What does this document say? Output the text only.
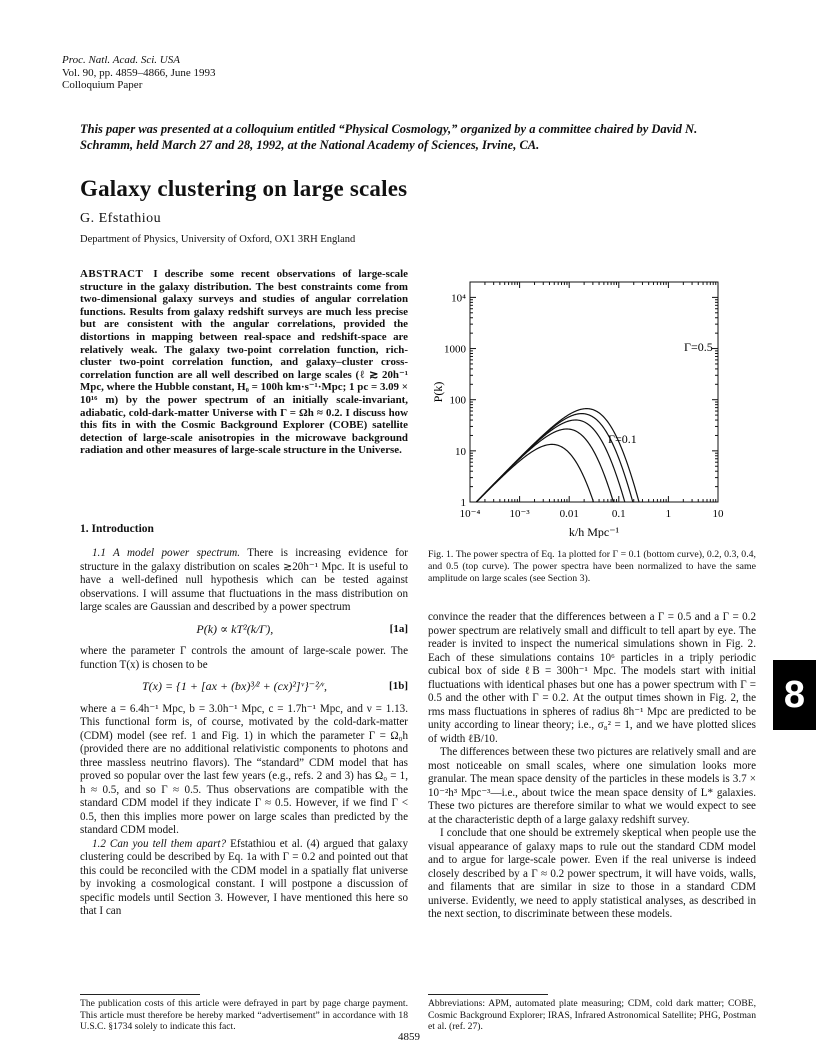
Proc. Natl. Acad. Sci. USA
Vol. 90, pp. 4859–4866, June 1993
Colloquium Paper
This paper was presented at a colloquium entitled “Physical Cosmology,” organized by a committee chaired by David N. Schramm, held March 27 and 28, 1992, at the National Academy of Sciences, Irvine, CA.
Galaxy clustering on large scales
G. Efstathiou
Department of Physics, University of Oxford, OX1 3RH England
ABSTRACT I describe some recent observations of large-scale structure in the galaxy distribution. The best constraints come from two-dimensional galaxy surveys and studies of angular correlation functions. Results from galaxy redshift surveys are much less precise but are consistent with the angular correlations, provided the distortions in mapping between real-space and redshift-space are relatively weak. The galaxy two-point correlation function, rich-cluster two-point correlation function, and galaxy–cluster cross-correlation function are all well described on large scales (ℓ ≳ 20h⁻¹ Mpc, where the Hubble constant, H₀ = 100h km·s⁻¹·Mpc; 1 pc = 3.09 × 10¹⁶ m) by the power spectrum of an initially scale-invariant, adiabatic, cold-dark-matter Universe with Γ = Ωh ≈ 0.2. I discuss how this fits in with the Cosmic Background Explorer (COBE) satellite detection of large-scale anisotropies in the microwave background radiation and other measures of large-scale structure in the Universe.
1. Introduction

1.1 A model power spectrum. There is increasing evidence for structure in the galaxy distribution on scales ≳20h⁻¹ Mpc. It is useful to have a well-defined null hypothesis which can be tested against observations. I will assume that fluctuations in the mass distribution on large scales are Gaussian and described by a power spectrum

P(k) ∝ kT²(k/Γ),	[1a]

where the parameter Γ controls the amount of large-scale power. The function T(x) is chosen to be

T(x) = {1 + [ax + (bx)³⁄² + (cx)²]ᵛ}⁻²⁄ᵛ,	[1b]

where a = 6.4h⁻¹ Mpc, b = 3.0h⁻¹ Mpc, c = 1.7h⁻¹ Mpc, and ν = 1.13. This functional form is, of course, motivated by the cold-dark-matter (CDM) model (see ref. 1 and Fig. 1) in which the parameter Γ = Ω₀h (provided there are no additional relativistic components to photons and three massless neutrino flavors). The “standard” CDM model that has proved so popular over the last few years (e.g., refs. 2 and 3) has Ω₀ = 1, h ≈ 0.5, and so Γ ≈ 0.5. Thus observations are compatible with the standard CDM model if they indicate Γ ≈ 0.5. However, if we find Γ < 0.5, then this implies more power on large scales than predicted by the standard CDM model.

1.2 Can you tell them apart? Efstathiou et al. (4) argued that galaxy clustering could be described by Eq. 1a with Γ = 0.2 and pointed out that this could be reconciled with the CDM model in a spatially flat universe by invoking a cosmological constant. I will postpone a discussion of specific models until Section 3. However, I have mentioned this here so that I can

10⁻⁴	10⁻³	0.01	0.1	1	10
1
10
100
1000
10⁴
k/h Mpc⁻¹
P(k)
Γ=0.5
Γ=0.1
Fig. 1. The power spectra of Eq. 1a plotted for Γ = 0.1 (bottom curve), 0.2, 0.3, 0.4, and 0.5 (top curve). The power spectra have been normalized to have the same amplitude on large scales (see Section 3).

convince the reader that the differences between a Γ = 0.5 and a Γ = 0.2 power spectrum are relatively small and difficult to tell apart by eye. The reader is invited to inspect the numerical simulations shown in Fig. 2. Each of these simulations contains 10⁶ particles in a triply periodic cubical box of side ℓB = 300h⁻¹ Mpc. The models start with initial fluctuations with identical phases but one has a power spectrum with Γ = 0.5 and the other with Γ = 0.2. At the output times shown in Fig. 2, the rms mass fluctuations in spheres of radius 8h⁻¹ Mpc are predicted to be unity according to linear theory; i.e., σ₈² = 1, and we have plotted slices of width ℓB/10.

The differences between these two pictures are relatively small and are most noticeable on small scales, where one simulation looks more granular. The mean space density of the particles in these models is 3.7 × 10⁻²h³ Mpc⁻³—i.e., about twice the mean space density of L* galaxies. These two pictures are therefore similar to what we would expect to see at the characteristic depth of a large galaxy redshift survey.

I conclude that one should be extremely skeptical when people use the visual appearance of galaxy maps to rule out the standard CDM model and to argue for large-scale power. Even if the real universe is indeed closely described by a Γ ≈ 0.2 power spectrum, it will have voids, walls, and filaments that are similar in size to those in a standard CDM universe. Evidently, we need to apply statistical analyses, as described in the next section, to discriminate between these models.

8
The publication costs of this article were defrayed in part by page charge payment. This article must therefore be hereby marked “advertisement” in accordance with 18 U.S.C. §1734 solely to indicate this fact.
Abbreviations: APM, automated plate measuring; CDM, cold dark matter; COBE, Cosmic Background Explorer; IRAS, Infrared Astronomical Satellite; PHG, Postman et al. (ref. 27).
4859
